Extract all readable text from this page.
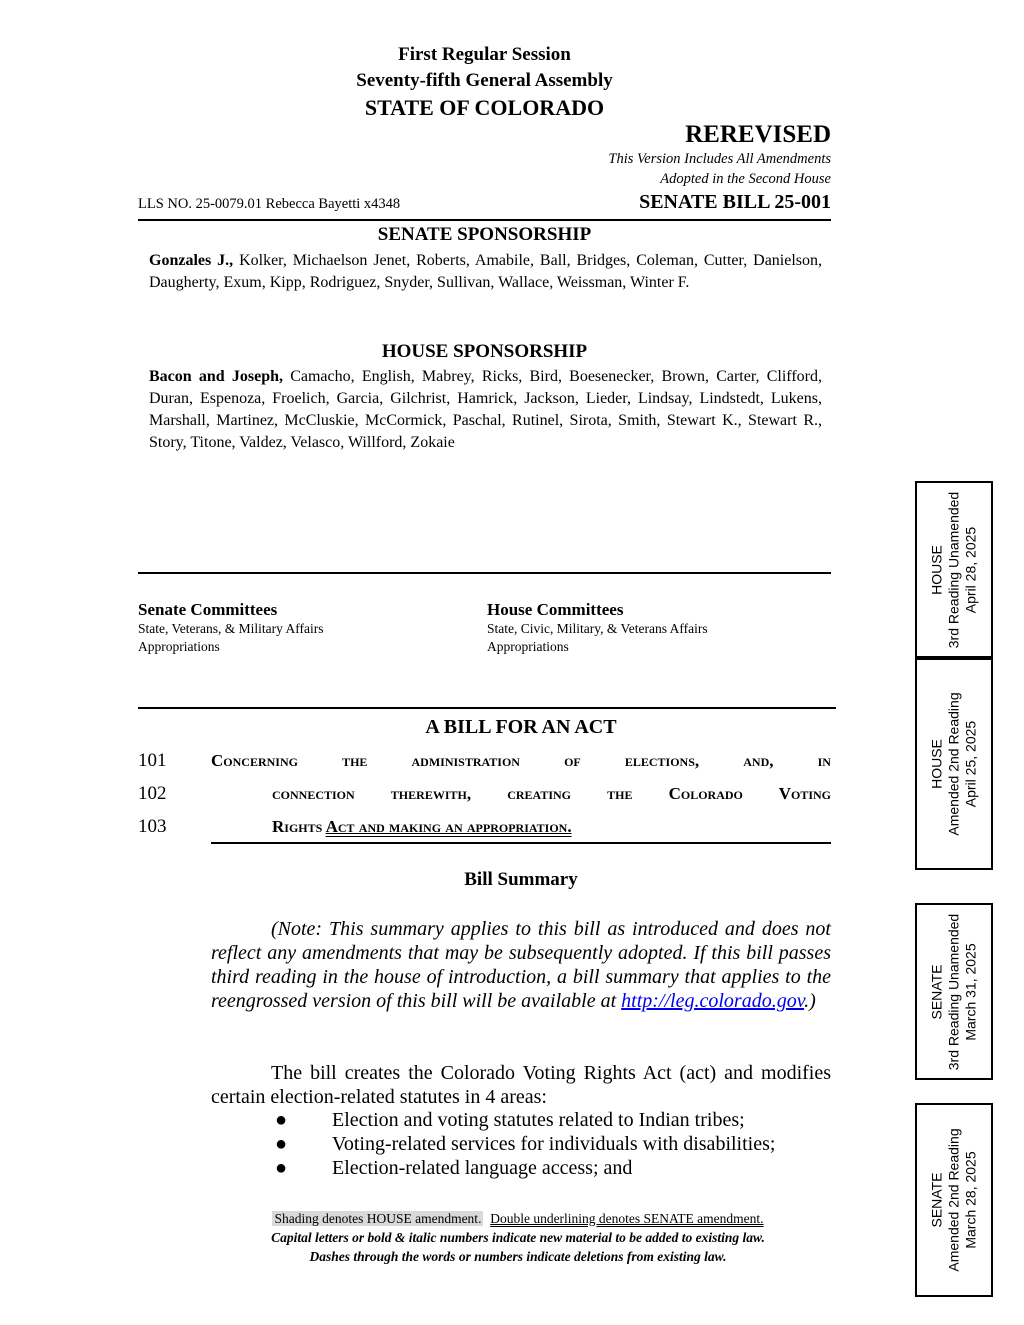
First Regular Session
Seventy-fifth General Assembly
STATE OF COLORADO
REREVISED
This Version Includes All Amendments
Adopted in the Second House
LLS NO. 25-0079.01 Rebecca Bayetti x4348	SENATE BILL 25-001
SENATE SPONSORSHIP
Gonzales J., Kolker, Michaelson Jenet, Roberts, Amabile, Ball, Bridges, Coleman, Cutter, Danielson, Daugherty, Exum, Kipp, Rodriguez, Snyder, Sullivan, Wallace, Weissman, Winter F.
HOUSE SPONSORSHIP
Bacon and Joseph, Camacho, English, Mabrey, Ricks, Bird, Boesenecker, Brown, Carter, Clifford, Duran, Espenoza, Froelich, Garcia, Gilchrist, Hamrick, Jackson, Lieder, Lindsay, Lindstedt, Lukens, Marshall, Martinez, McCluskie, McCormick, Paschal, Rutinel, Sirota, Smith, Stewart K., Stewart R., Story, Titone, Valdez, Velasco, Willford, Zokaie
Senate Committees
State, Veterans, & Military Affairs
Appropriations
House Committees
State, Civic, Military, & Veterans Affairs
Appropriations
A BILL FOR AN ACT
101
102
103
Concerning	the	administration	of	elections,	and,	in
connection therewith, creating the Colorado Voting
Rights Act and making an appropriation.
Bill Summary
(Note: This summary applies to this bill as introduced and does not reflect any amendments that may be subsequently adopted. If this bill passes third reading in the house of introduction, a bill summary that applies to the reengrossed version of this bill will be available at http://leg.colorado.gov.)
The bill creates the Colorado Voting Rights Act (act) and modifies certain election-related statutes in 4 areas:
● Election and voting statutes related to Indian tribes;
● Voting-related services for individuals with disabilities;
● Election-related language access; and
HOUSE 3rd Reading Unamended April 28, 2025
HOUSE Amended 2nd Reading April 25, 2025
SENATE 3rd Reading Unamended March 31, 2025
SENATE Amended 2nd Reading March 28, 2025
Shading denotes HOUSE amendment. Double underlining denotes SENATE amendment.
Capital letters or bold & italic numbers indicate new material to be added to existing law.
Dashes through the words or numbers indicate deletions from existing law.
